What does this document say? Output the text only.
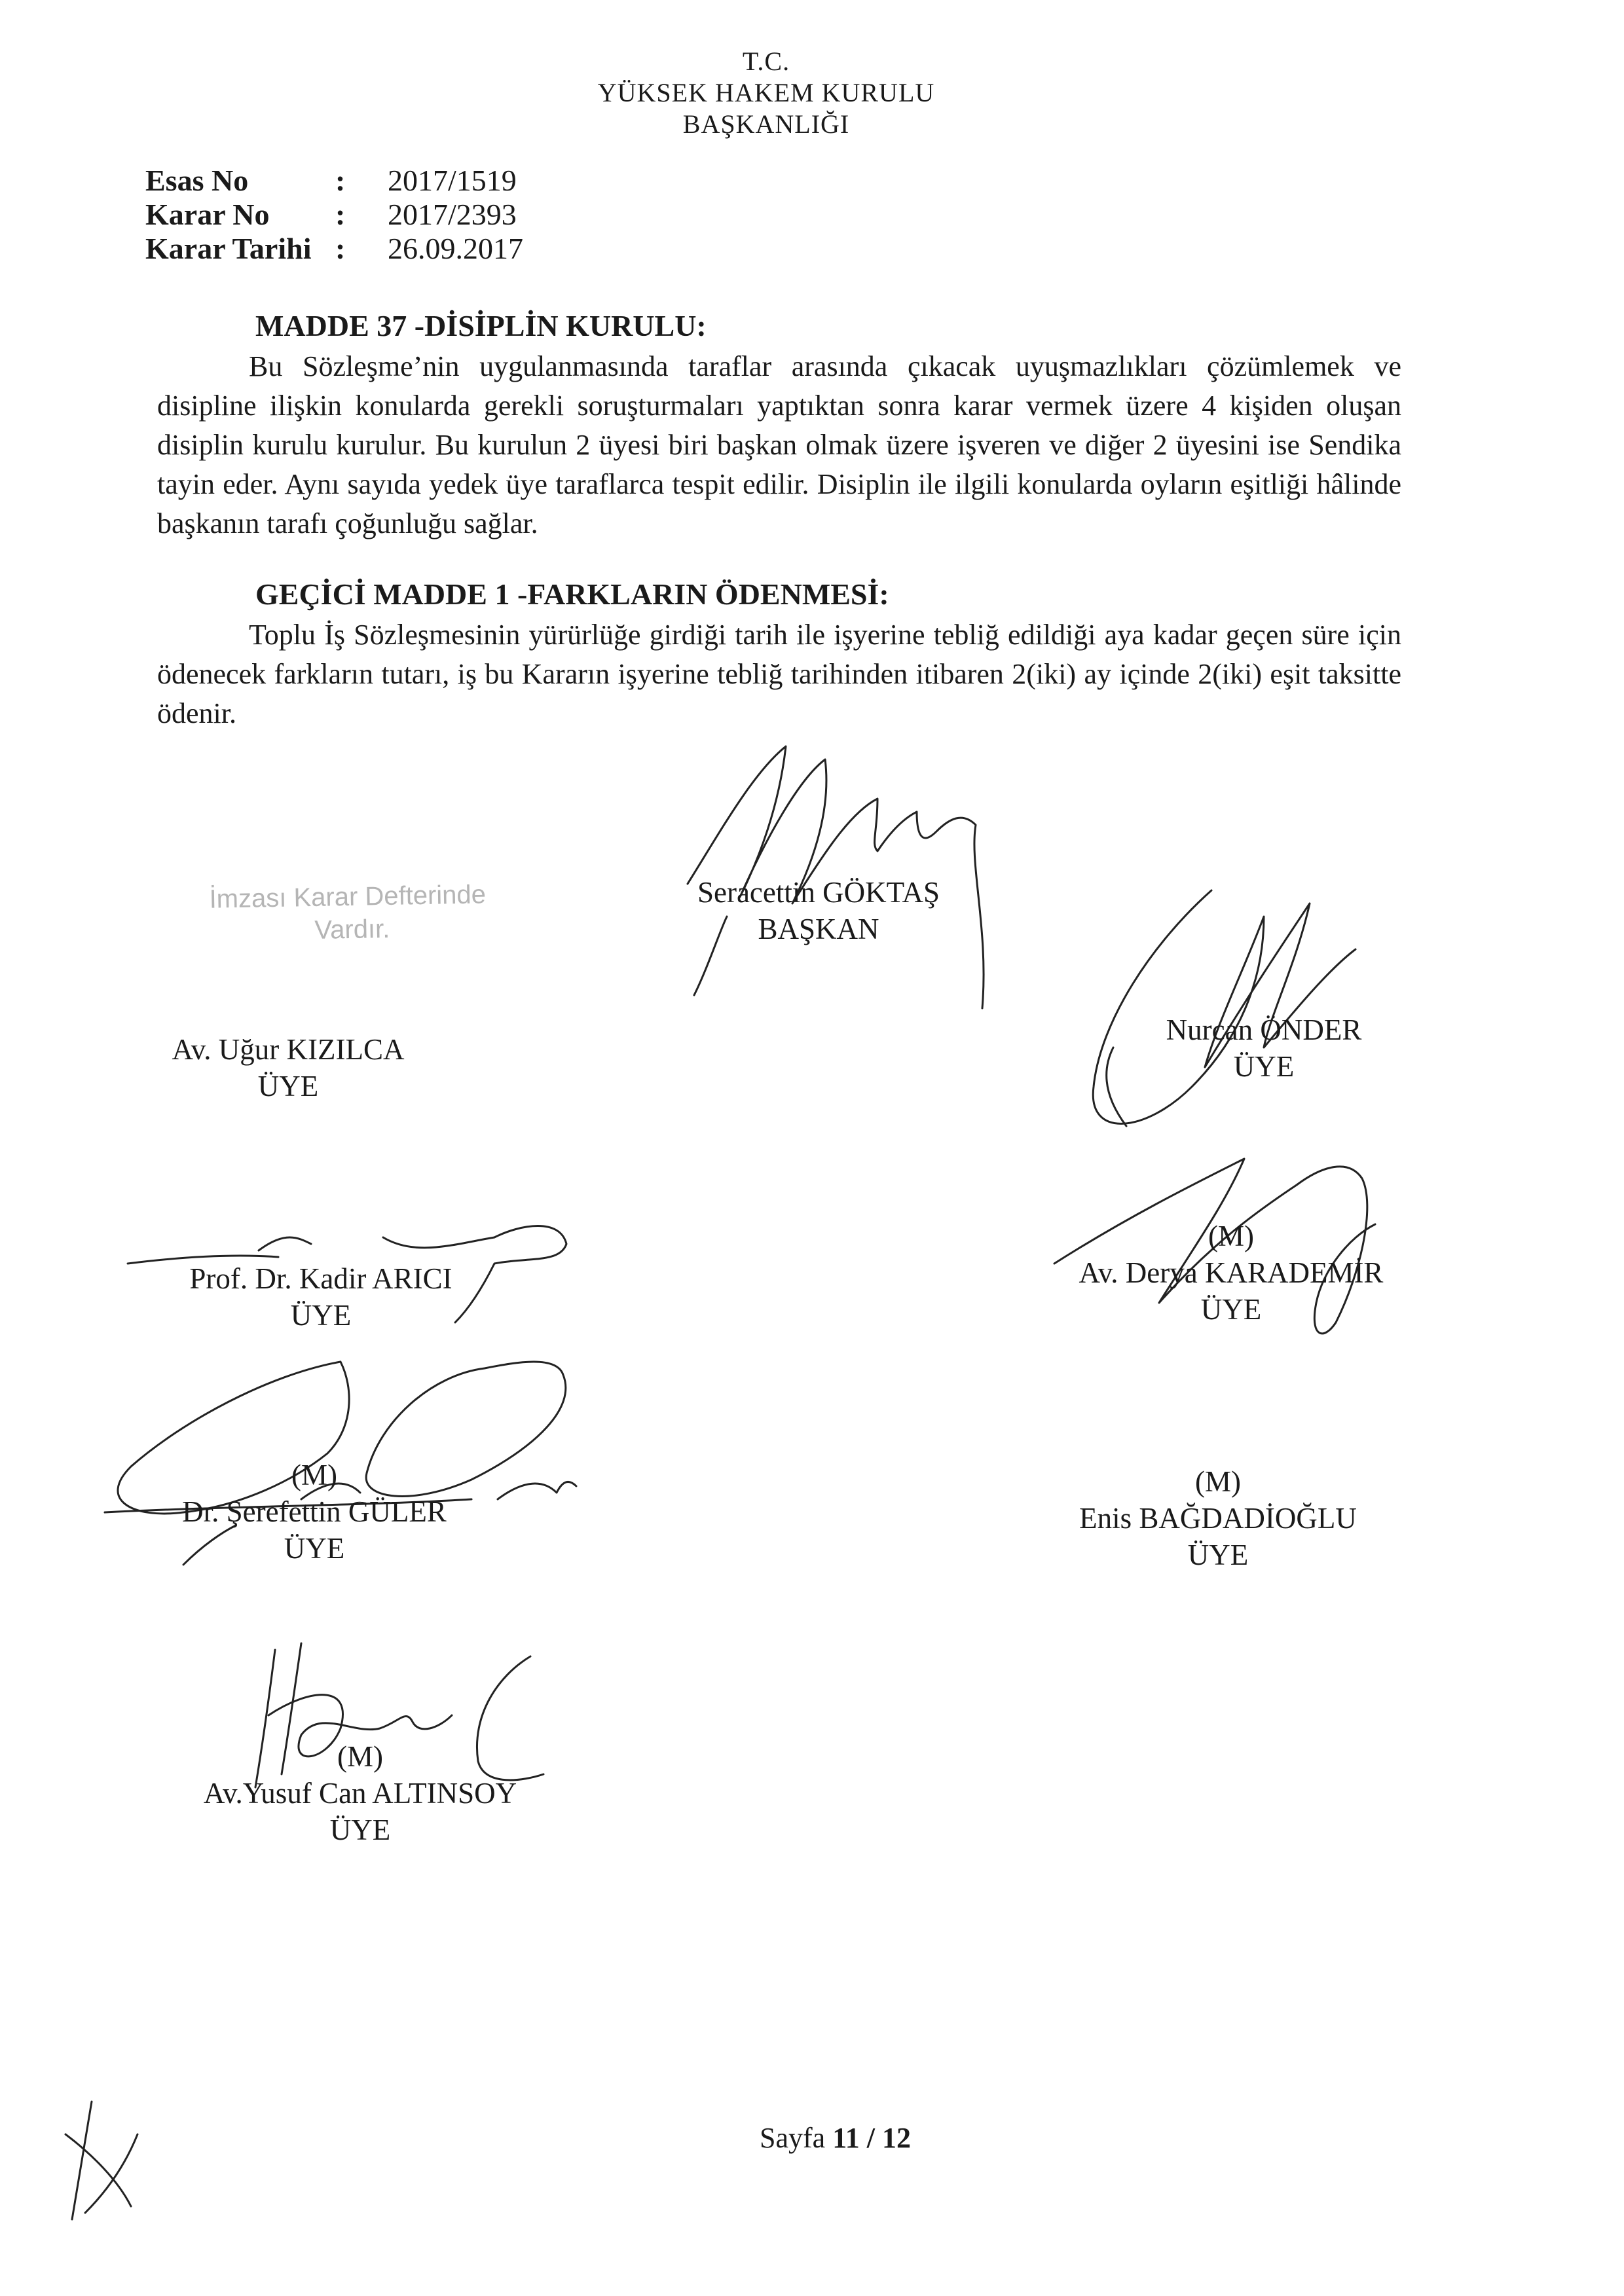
T.C.
YÜKSEK HAKEM KURULU
BAŞKANLIĞI
Esas No	: 2017/1519
Karar No : 2017/2393
Karar Tarihi : 26.09.2017
MADDE 37 -DİSİPLİN KURULU:

Bu Sözleşme’nin uygulanmasında taraflar arasında çıkacak uyuşmazlıkları çözümlemek ve disipline ilişkin konularda gerekli soruşturmaları yaptıktan sonra karar vermek üzere 4 kişiden oluşan disiplin kurulu kurulur. Bu kurulun 2 üyesi biri başkan olmak üzere işveren ve diğer 2 üyesini ise Sendika tayin eder. Aynı sayıda yedek üye taraflarca tespit edilir. Disiplin ile ilgili konularda oyların eşitliği hâlinde başkanın tarafı çoğunluğu sağlar.

GEÇİCİ MADDE 1 -FARKLARIN ÖDENMESİ:

Toplu İş Sözleşmesinin yürürlüğe girdiği tarih ile işyerine tebliğ edildiği aya kadar geçen süre için ödenecek farkların tutarı, iş bu Kararın işyerine tebliğ tarihinden itibaren 2(iki) ay içinde 2(iki) eşit taksitte ödenir.

Seracettin GÖKTAŞ
BAŞKAN
İmzası Karar Defterinde
Vardır.
Av. Uğur KIZILCA
ÜYE
Nurcan ÖNDER
ÜYE
Prof. Dr. Kadir ARICI
ÜYE
(M)
Av. Derya KARADEMİR
ÜYE
(M)
Dr. Şerefettin GÜLER
ÜYE
(M)
Enis BAĞDADİOĞLU
ÜYE
(M)
Av.Yusuf Can ALTINSOY
ÜYE
Sayfa 11 / 12
